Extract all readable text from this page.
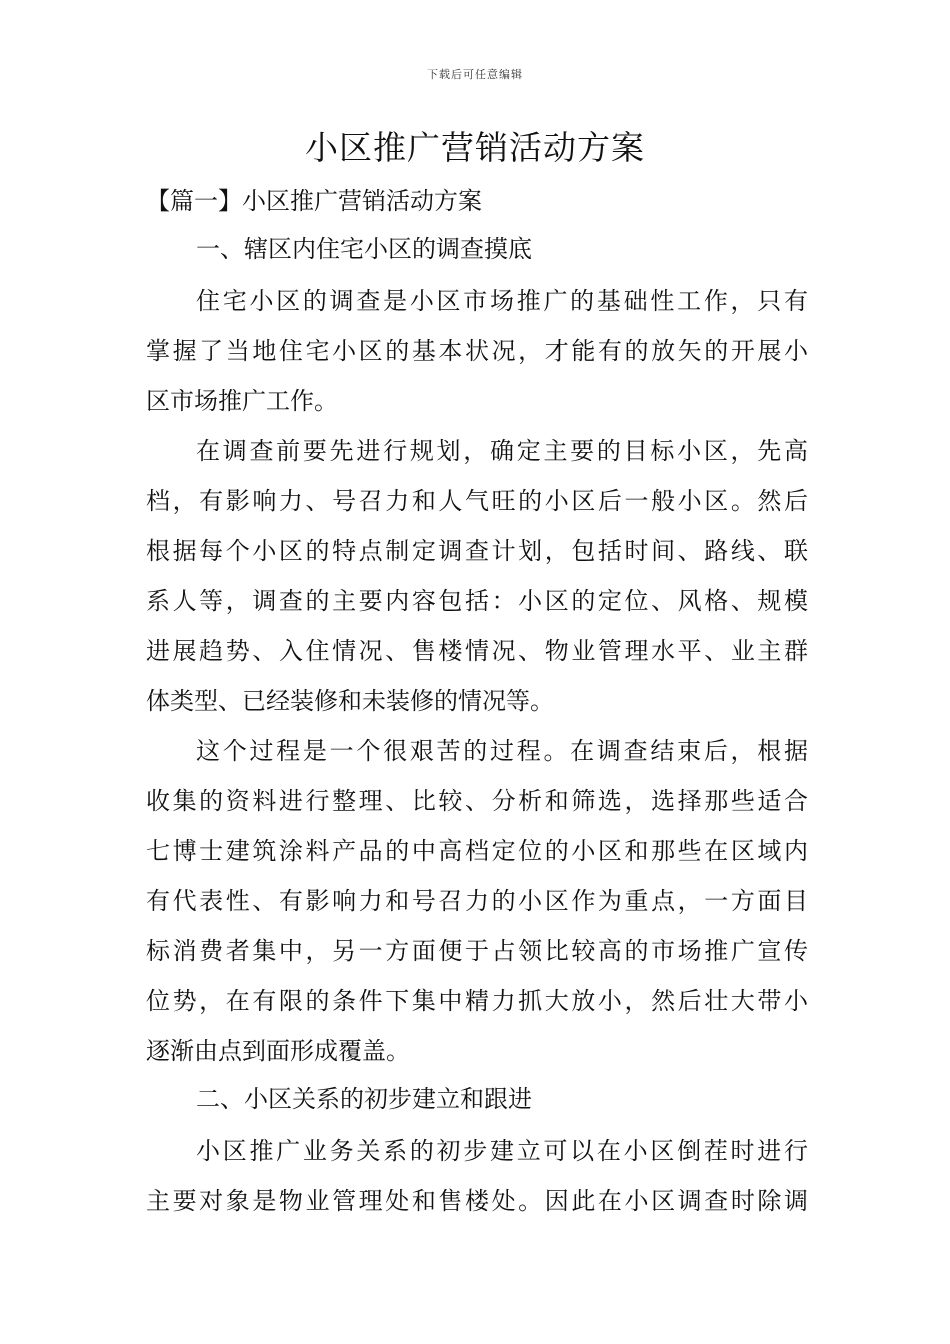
下载后可任意编辑
小区推广营销活动方案
【篇一】小区推广营销活动方案
一、辖区内住宅小区的调查摸底
住宅小区的调查是小区市场推广的基础性工作，只有
掌握了当地住宅小区的基本状况，才能有的放矢的开展小
区市场推广工作。
在调查前要先进行规划，确定主要的目标小区，先高
档，有影响力、号召力和人气旺的小区后一般小区。然后
根据每个小区的特点制定调查计划，包括时间、路线、联
系人等，调查的主要内容包括：小区的定位、风格、规模
进展趋势、入住情况、售楼情况、物业管理水平、业主群
体类型、已经装修和未装修的情况等。
这个过程是一个很艰苦的过程。在调查结束后，根据
收集的资料进行整理、比较、分析和筛选，选择那些适合
七博士建筑涂料产品的中高档定位的小区和那些在区域内
有代表性、有影响力和号召力的小区作为重点，一方面目
标消费者集中，另一方面便于占领比较高的市场推广宣传
位势，在有限的条件下集中精力抓大放小，然后壮大带小
逐渐由点到面形成覆盖。
二、小区关系的初步建立和跟进
小区推广业务关系的初步建立可以在小区倒茬时进行
主要对象是物业管理处和售楼处。因此在小区调查时除调
